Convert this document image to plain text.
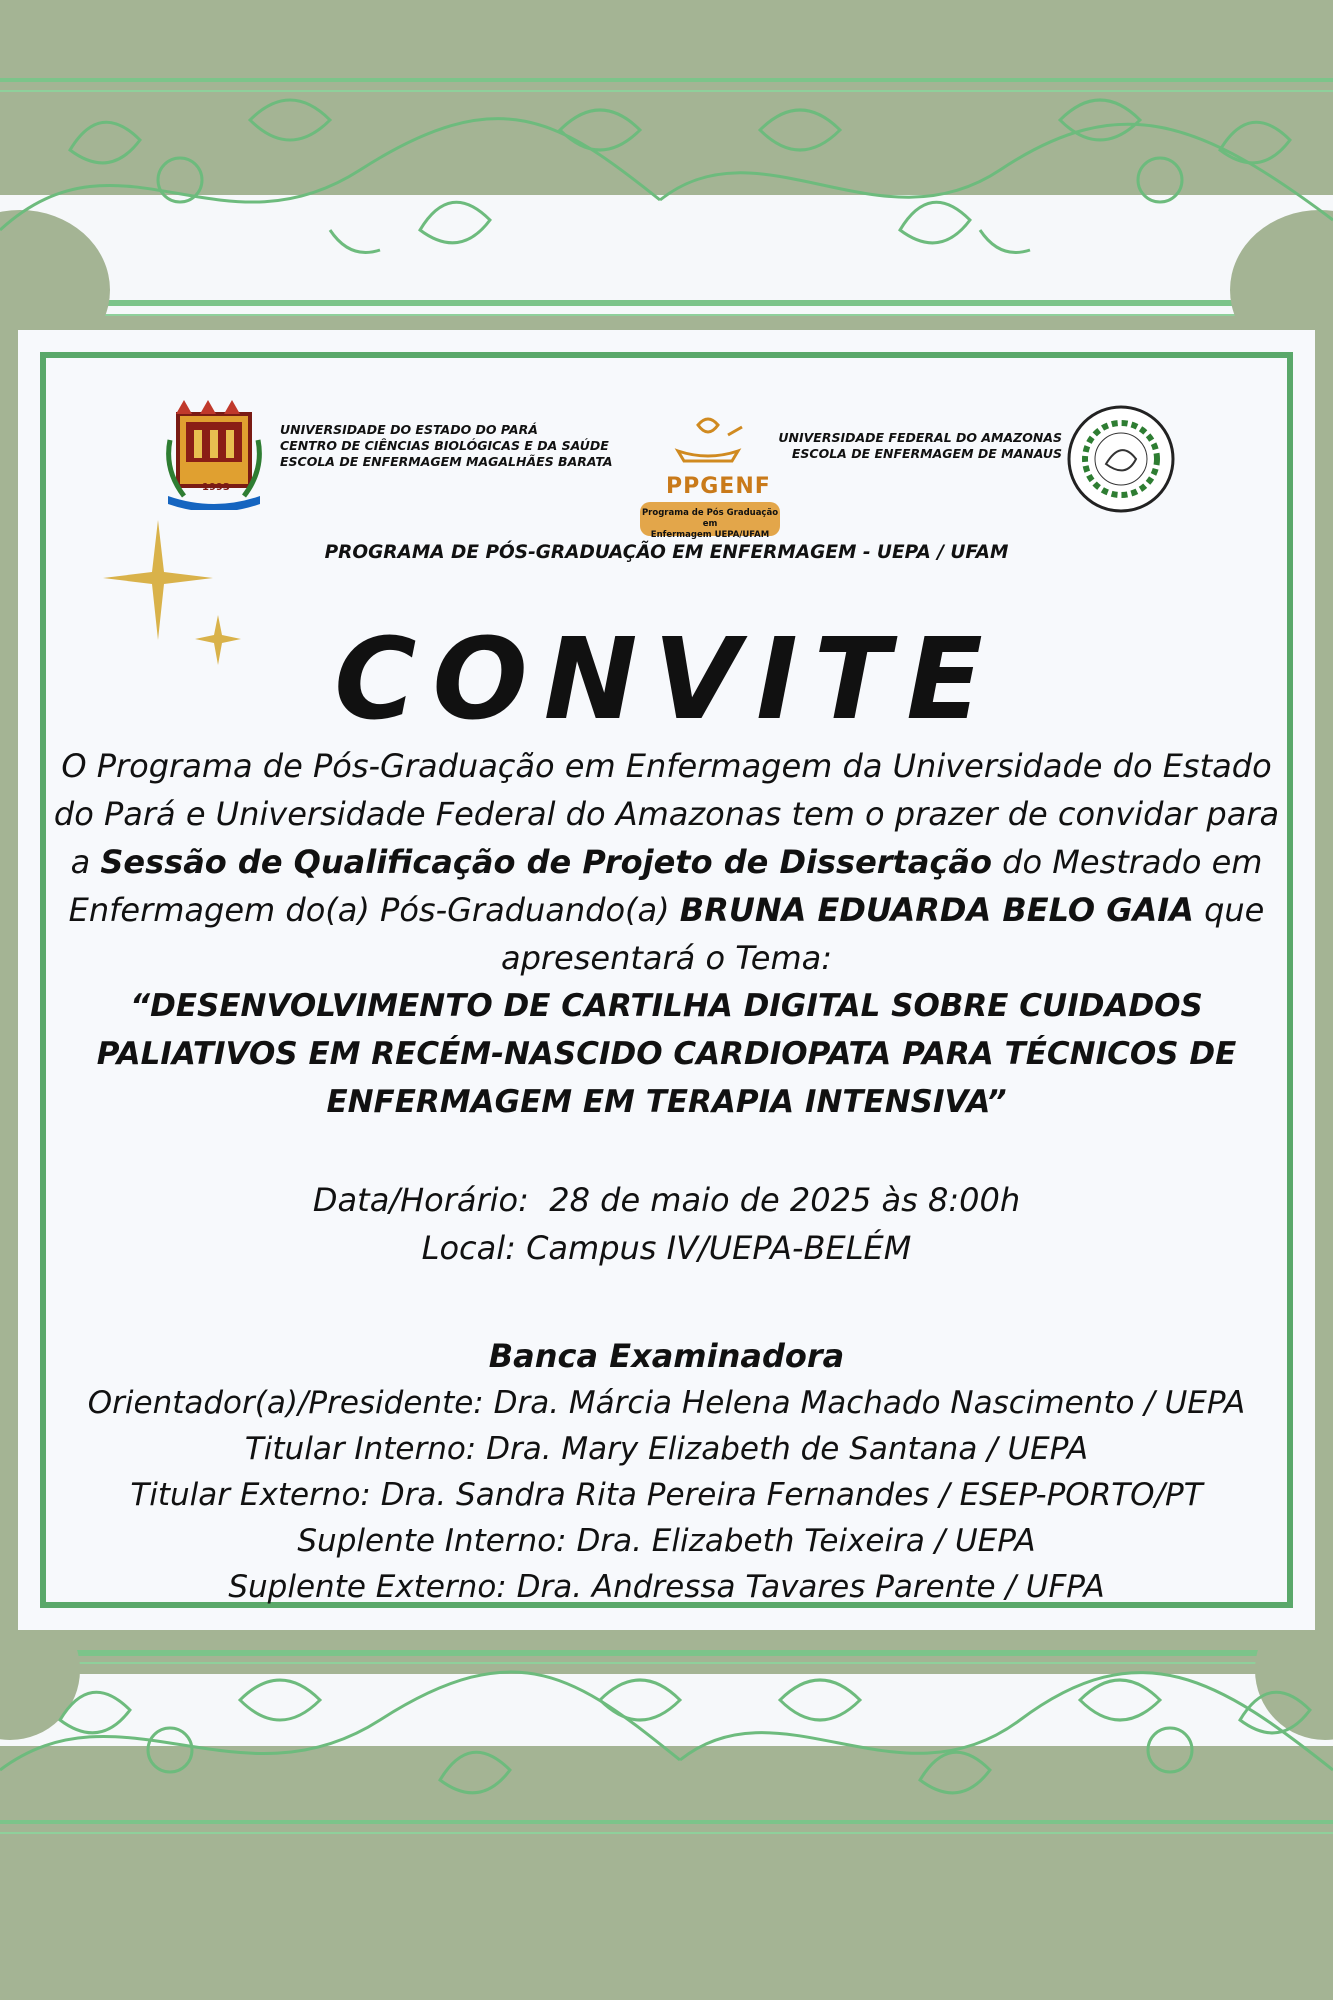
1993
UNIVERSIDADE DO ESTADO DO PARÁ
CENTRO DE CIÊNCIAS BIOLÓGICAS E DA SAÚDE
ESCOLA DE ENFERMAGEM MAGALHÃES BARATA
PPGENF
Programa de Pós Graduação em
Enfermagem UEPA/UFAM
UNIVERSIDADE FEDERAL DO AMAZONAS
ESCOLA DE ENFERMAGEM DE MANAUS
PROGRAMA DE PÓS-GRADUAÇÃO EM ENFERMAGEM - UEPA / UFAM
CONVITE
O Programa de Pós-Graduação em Enfermagem da Universidade do Estado do Pará e Universidade Federal do Amazonas tem o prazer de convidar para a Sessão de Qualificação de Projeto de Dissertação do Mestrado em Enfermagem do(a) Pós-Graduando(a) BRUNA EDUARDA BELO GAIA que apresentará o Tema:
“DESENVOLVIMENTO DE CARTILHA DIGITAL SOBRE CUIDADOS PALIATIVOS EM RECÉM-NASCIDO CARDIOPATA PARA TÉCNICOS DE ENFERMAGEM EM TERAPIA INTENSIVA”
Data/Horário:  28 de maio de 2025 às 8:00h
Local: Campus IV/UEPA-BELÉM
Banca Examinadora
Orientador(a)/Presidente: Dra. Márcia Helena Machado Nascimento / UEPA
Titular Interno: Dra. Mary Elizabeth de Santana / UEPA
Titular Externo: Dra. Sandra Rita Pereira Fernandes / ESEP-PORTO/PT
Suplente Interno: Dra. Elizabeth Teixeira / UEPA
Suplente Externo: Dra. Andressa Tavares Parente / UFPA
